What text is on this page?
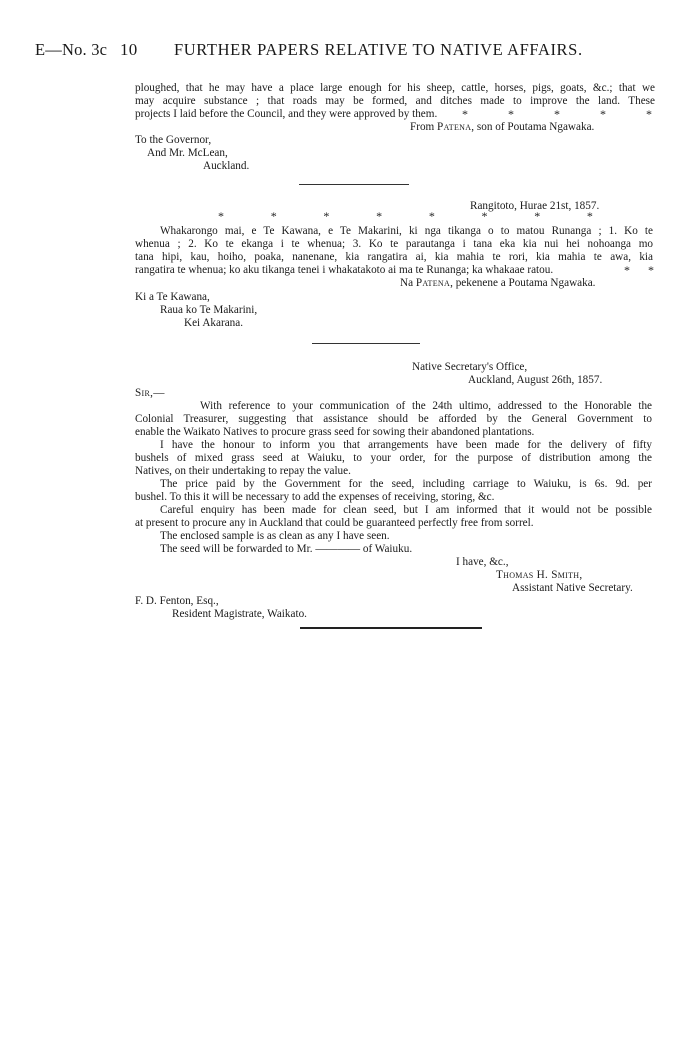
E—No. 3c 10 FURTHER PAPERS RELATIVE TO NATIVE AFFAIRS.
ploughed, that he may have a place large enough for his sheep, cattle, horses, pigs, goats, &c.; that we
may acquire substance ; that roads may be formed, and ditches made to improve the land. These
projects I laid before the Council, and they were approved by them. *	*	*	*	*
From Patena, son of Poutama Ngawaka.
To the Governor,
And Mr. McLean,
Auckland.
Rangitoto, Hurae 21st, 1857.
*	*	*	*	*	*	*	*
Whakarongo mai, e Te Kawana, e Te Makarini, ki nga tikanga o to matou Runanga ; 1. Ko te
whenua ; 2. Ko te ekanga i te whenua; 3. Ko te parautanga i tana eka kia nui hei nohoanga mo
tana hipi, kau, hoiho, poaka, nanenane, kia rangatira ai, kia mahia te rori, kia mahia te awa, kia
rangatira te whenua; ko aku tikanga tenei i whakatakoto ai ma te Runanga; ka whakaae ratou.	* *
Na Patena, pekenene a Poutama Ngawaka.
Ki a Te Kawana,
Raua ko Te Makarini,
Kei Akarana.
Native Secretary's Office,
Auckland, August 26th, 1857.
Sir,—
With reference to your communication of the 24th ultimo, addressed to the Honorable the
Colonial Treasurer, suggesting that assistance should be afforded by the General Government to
enable the Waikato Natives to procure grass seed for sowing their abandoned plantations.
I have the honour to inform you that arrangements have been made for the delivery of fifty
bushels of mixed grass seed at Waiuku, to your order, for the purpose of distribution among the
Natives, on their undertaking to repay the value.
The price paid by the Government for the seed, including carriage to Waiuku, is 6s. 9d. per
bushel. To this it will be necessary to add the expenses of receiving, storing, &c.
Careful enquiry has been made for clean seed, but I am informed that it would not be possible
at present to procure any in Auckland that could be guaranteed perfectly free from sorrel.
The enclosed sample is as clean as any I have seen.
The seed will be forwarded to Mr. ———— of Waiuku.
I have, &c.,
Thomas H. Smith,
Assistant Native Secretary.
F. D. Fenton, Esq.,
Resident Magistrate, Waikato.
